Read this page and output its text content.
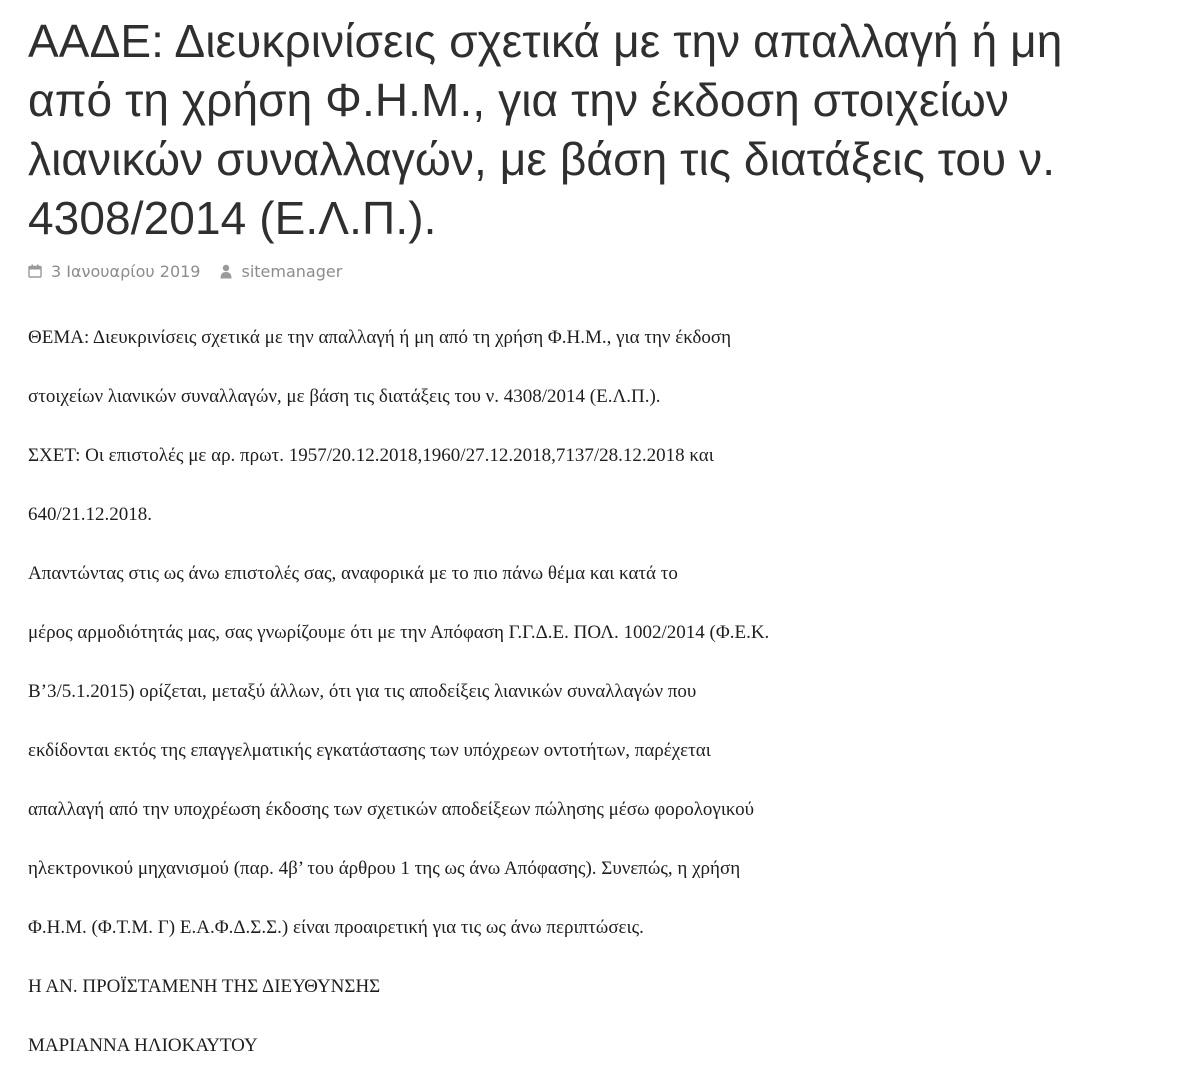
ΑΑΔΕ: Διευκρινίσεις σχετικά με την απαλλαγή ή μη από τη χρήση Φ.Η.Μ., για την έκδοση στοιχείων λιανικών συναλλαγών, με βάση τις διατάξεις του ν. 4308/2014 (Ε.Λ.Π.).
3 Ιανουαρίου 2019	sitemanager
ΘΕΜΑ: Διευκρινίσεις σχετικά με την απαλλαγή ή μη από τη χρήση Φ.Η.Μ., για την έκδοση
στοιχείων λιανικών συναλλαγών, με βάση τις διατάξεις του ν. 4308/2014 (Ε.Λ.Π.).
ΣΧΕΤ: Οι επιστολές με αρ. πρωτ. 1957/20.12.2018,1960/27.12.2018,7137/28.12.2018 και
640/21.12.2018.
Απαντώντας στις ως άνω επιστολές σας, αναφορικά με το πιο πάνω θέμα και κατά το
μέρος αρμοδιότητάς μας, σας γνωρίζουμε ότι με την Απόφαση Γ.Γ.Δ.Ε. ΠΟΛ. 1002/2014 (Φ.Ε.Κ.
Β’3/5.1.2015) ορίζεται, μεταξύ άλλων, ότι για τις αποδείξεις λιανικών συναλλαγών που
εκδίδονται εκτός της επαγγελματικής εγκατάστασης των υπόχρεων οντοτήτων, παρέχεται
απαλλαγή από την υποχρέωση έκδοσης των σχετικών αποδείξεων πώλησης μέσω φορολογικού
ηλεκτρονικού μηχανισμού (παρ. 4β’ του άρθρου 1 της ως άνω Απόφασης). Συνεπώς, η χρήση
Φ.Η.Μ. (Φ.Τ.Μ. Γ) Ε.Α.Φ.Δ.Σ.Σ.) είναι προαιρετική για τις ως άνω περιπτώσεις.
Η ΑΝ. ΠΡΟΪΣΤΑΜΕΝΗ ΤΗΣ ΔΙΕΥΘΥΝΣΗΣ
ΜΑΡΙΑΝΝΑ ΗΛΙΟΚΑΥΤΟΥ
